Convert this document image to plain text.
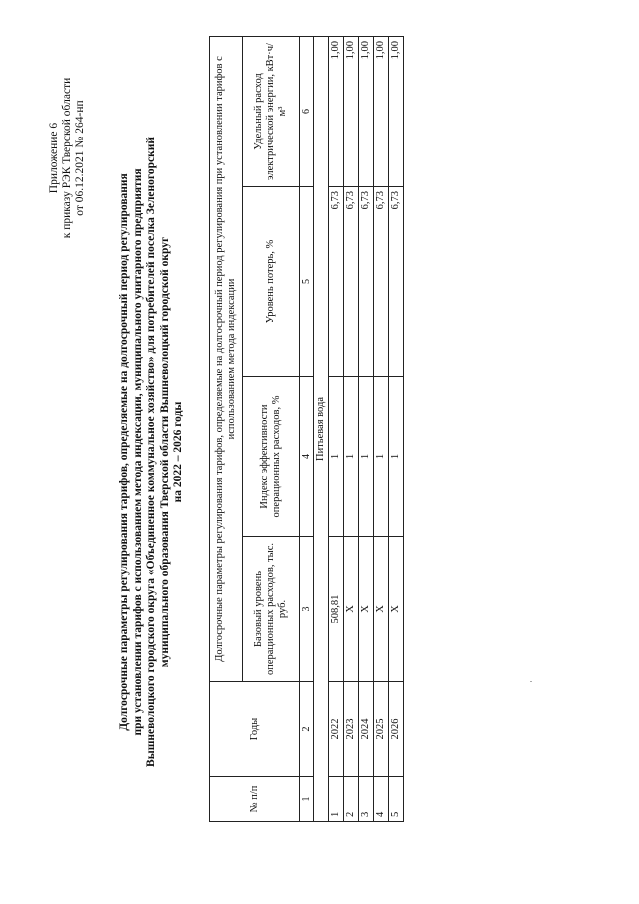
Приложение 6 к приказу РЭК Тверской области от 06.12.2021 № 264-нп
Долгосрочные параметры регулирования тарифов, определяемые на долгосрочный период регулирования при установлении тарифов с использованием метода индексации, муниципального унитарного предприятия Вышневолоцкого городского округа «Объединенное коммунальное хозяйство» для потребителей поселка Зеленогорский муниципального образования Тверской области Вышневолоцкий городской округ на 2022 – 2026 годы
№ п/п	Годы	Долгосрочные параметры регулирования тарифов, определяемые на долгосрочный период регулирования при установлении тарифов с использованием метода индексации			
		Базовый уровень операционных расходов, тыс. руб.	Индекс эффективности операционных расходов, %	Уровень потерь, %	Удельный расход электрической энергии, кВт·ч/м³
1	2	3	4	5	6
Питьевая вода					
1	2022	508,81	1	6,73	1,00
2	2023	X	1	6,73	1,00
3	2024	X	1	6,73	1,00
4	2025	X	1	6,73	1,00
5	2026	X	1	6,73	1,00
